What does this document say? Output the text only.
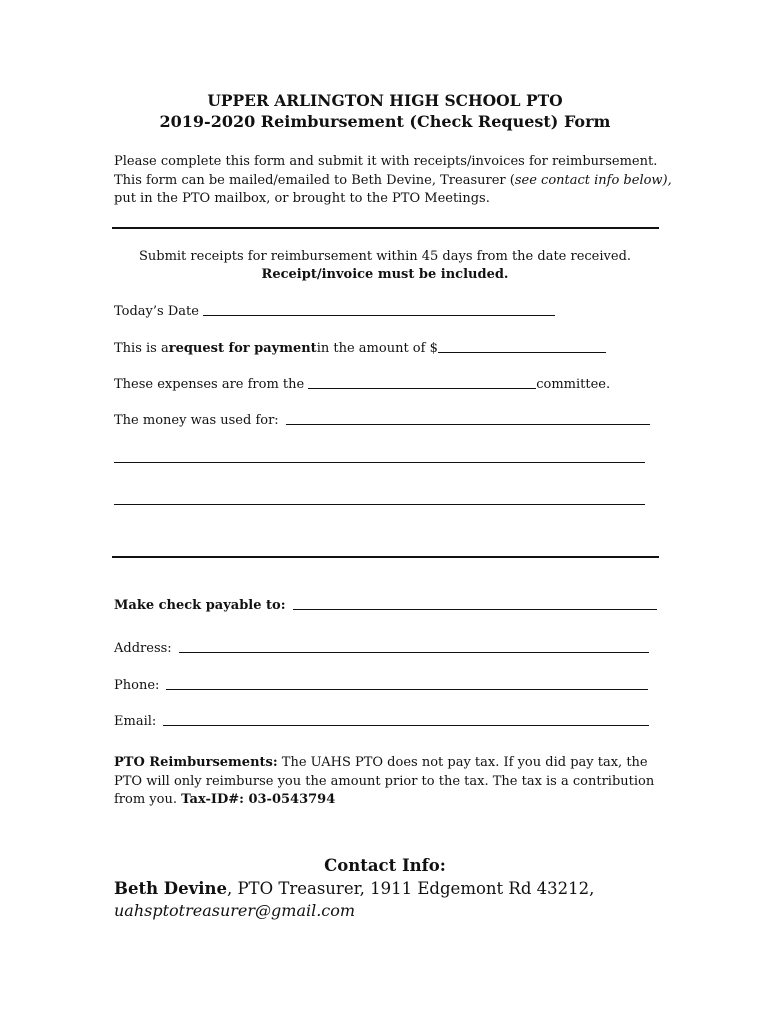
UPPER ARLINGTON HIGH SCHOOL PTO
2019-2020 Reimbursement (Check Request) Form

Please complete this form and submit it with receipts/invoices for reimbursement.

This form can be mailed/emailed to Beth Devine, Treasurer (see contact info below),

put in the PTO mailbox, or brought to the PTO Meetings.

Submit receipts for reimbursement within 45 days from the date received.
Receipt/invoice must be included.
Today’s Date
This is a request for payment in the amount of $
These expenses are from the	committee.
The money was used for:
Make check payable to:
Address:
Phone:
Email:

PTO Reimbursements: The UAHS PTO does not pay tax. If you did pay tax, the

PTO will only reimburse you the amount prior to the tax. The tax is a contribution

from you. Tax-ID#: 03-0543794

Contact Info:
Beth Devine, PTO Treasurer, 1911 Edgemont Rd 43212,
uahsptotreasurer@gmail.com
